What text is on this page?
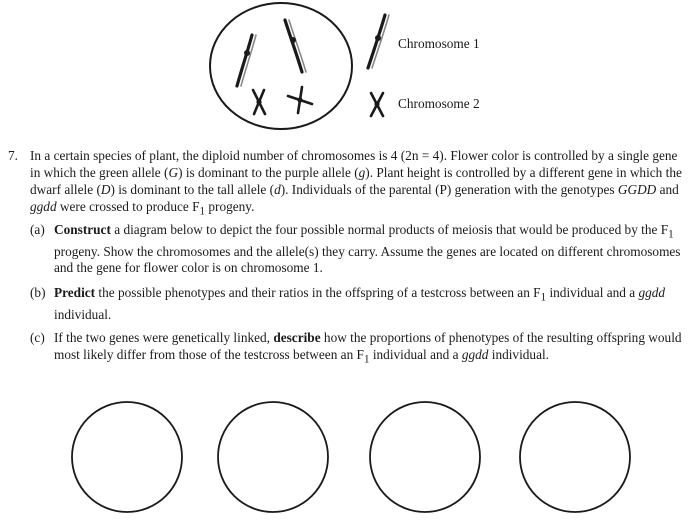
Chromosome 1
Chromosome 2
7. In a certain species of plant, the diploid number of chromosomes is 4 (2n = 4). Flower color is controlled by a single gene in which the green allele (G) is dominant to the purple allele (g). Plant height is controlled by a different gene in which the dwarf allele (D) is dominant to the tall allele (d). Individuals of the parental (P) generation with the genotypes GGDD and ggdd were crossed to produce $F_1$ progeny.
(a) Construct a diagram below to depict the four possible normal products of meiosis that would be produced by the $F_1$ progeny. Show the chromosomes and the allele(s) they carry. Assume the genes are located on different chromosomes and the gene for flower color is on chromosome 1.
(b) Predict the possible phenotypes and their ratios in the offspring of a testcross between an $F_1$ individual and a ggdd individual.
(c) If the two genes were genetically linked, describe how the proportions of phenotypes of the resulting offspring would most likely differ from those of the testcross between an $F_1$ individual and a ggdd individual.
